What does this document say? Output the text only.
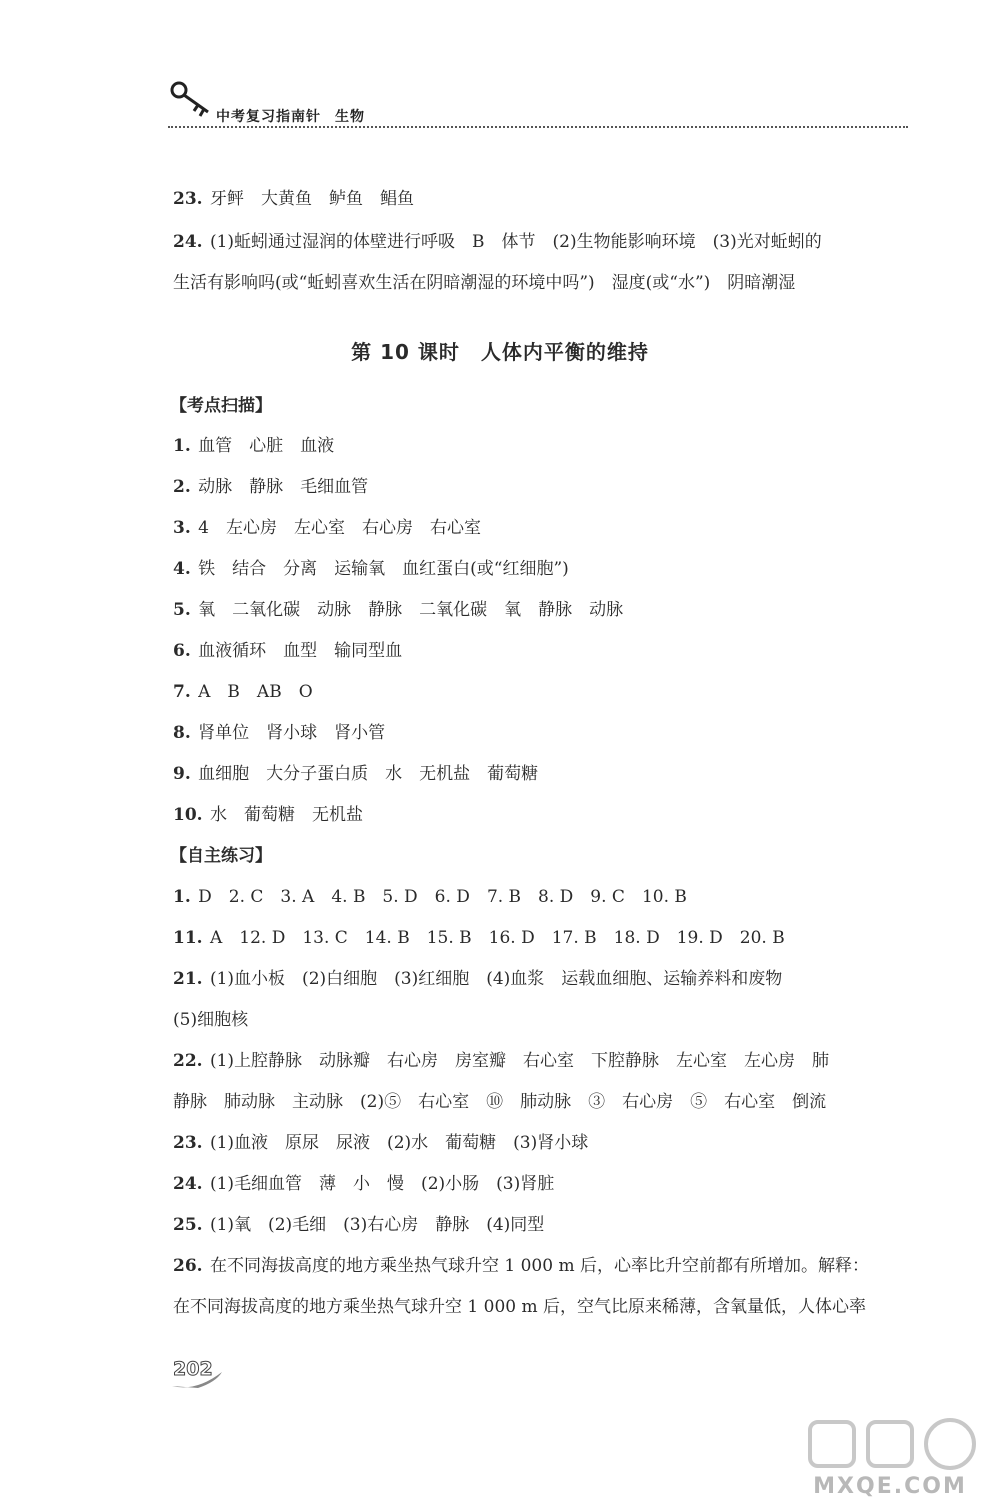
中考复习指南针 生物
23. 牙鲆　大黄鱼　鲈鱼　鲳鱼
24. (1)蚯蚓通过湿润的体壁进行呼吸　B　体节　(2)生物能影响环境　(3)光对蚯蚓的
生活有影响吗(或“蚯蚓喜欢生活在阴暗潮湿的环境中吗”)　湿度(或“水”)　阴暗潮湿
第 10 课时　人体内平衡的维持
【考点扫描】
1. 血管　心脏　血液
2. 动脉　静脉　毛细血管
3. 4　左心房　左心室　右心房　右心室
4. 铁　结合　分离　运输氧　血红蛋白(或“红细胞”)
5. 氧　二氧化碳　动脉　静脉　二氧化碳　氧　静脉　动脉
6. 血液循环　血型　输同型血
7. A　B　AB　O
8. 肾单位　肾小球　肾小管
9. 血细胞　大分子蛋白质　水　无机盐　葡萄糖
10. 水　葡萄糖　无机盐
【自主练习】
1. D　2. C　3. A　4. B　5. D　6. D　7. B　8. D　9. C　10. B
11. A　12. D　13. C　14. B　15. B　16. D　17. B　18. D　19. D　20. B
21. (1)血小板　(2)白细胞　(3)红细胞　(4)血浆　运载血细胞、运输养料和废物
(5)细胞核
22. (1)上腔静脉　动脉瓣　右心房　房室瓣　右心室　下腔静脉　左心室　左心房　肺
静脉　肺动脉　主动脉　(2)⑤　右心室　⑩　肺动脉　③　右心房　⑤　右心室　倒流
23. (1)血液　原尿　尿液　(2)水　葡萄糖　(3)肾小球
24. (1)毛细血管　薄　小　慢　(2)小肠　(3)肾脏
25. (1)氧　(2)毛细　(3)右心房　静脉　(4)同型
26. 在不同海拔高度的地方乘坐热气球升空 1 000 m 后，心率比升空前都有所增加。解释：
在不同海拔高度的地方乘坐热气球升空 1 000 m 后，空气比原来稀薄，含氧量低，人体心率
202
MXQE.COM
